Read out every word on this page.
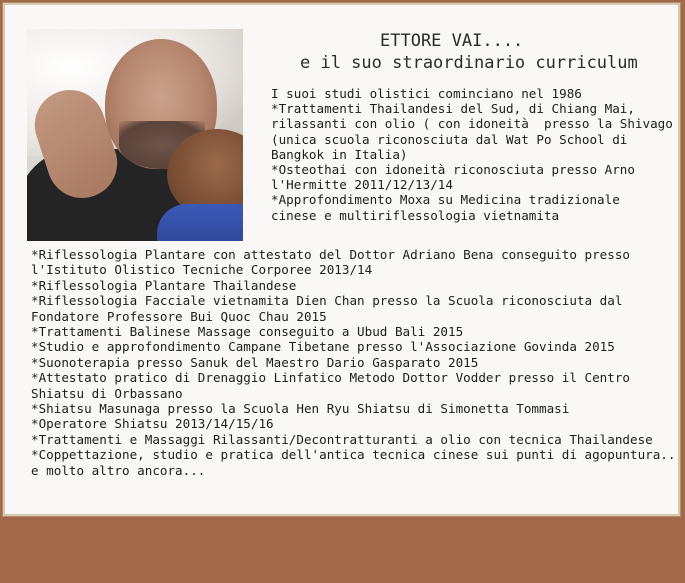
ETTORE VAI....
e il suo straordinario curriculum
I suoi studi olistici cominciano nel 1986
*Trattamenti Thailandesi del Sud, di Chiang Mai,
rilassanti con olio ( con idoneità  presso la Shivago
(unica scuola riconosciuta dal Wat Po School di
Bangkok in Italia)
*Osteothai con idoneità riconosciuta presso Arno
l'Hermitte 2011/12/13/14
*Approfondimento Moxa su Medicina tradizionale
cinese e multiriflessologia vietnamita
*Riflessologia Plantare con attestato del Dottor Adriano Bena conseguito presso
l'Istituto Olistico Tecniche Corporee 2013/14
*Riflessologia Plantare Thailandese
*Riflessologia Facciale vietnamita Dien Chan presso la Scuola riconosciuta dal
Fondatore Professore Bui Quoc Chau 2015
*Trattamenti Balinese Massage conseguito a Ubud Bali 2015
*Studio e approfondimento Campane Tibetane presso l'Associazione Govinda 2015
*Suonoterapia presso Sanuk del Maestro Dario Gasparato 2015
*Attestato pratico di Drenaggio Linfatico Metodo Dottor Vodder presso il Centro
Shiatsu di Orbassano
*Shiatsu Masunaga presso la Scuola Hen Ryu Shiatsu di Simonetta Tommasi
*Operatore Shiatsu 2013/14/15/16
*Trattamenti e Massaggi Rilassanti/Decontratturanti a olio con tecnica Thailandese
*Coppettazione, studio e pratica dell'antica tecnica cinese sui punti di agopuntura..
e molto altro ancora...
